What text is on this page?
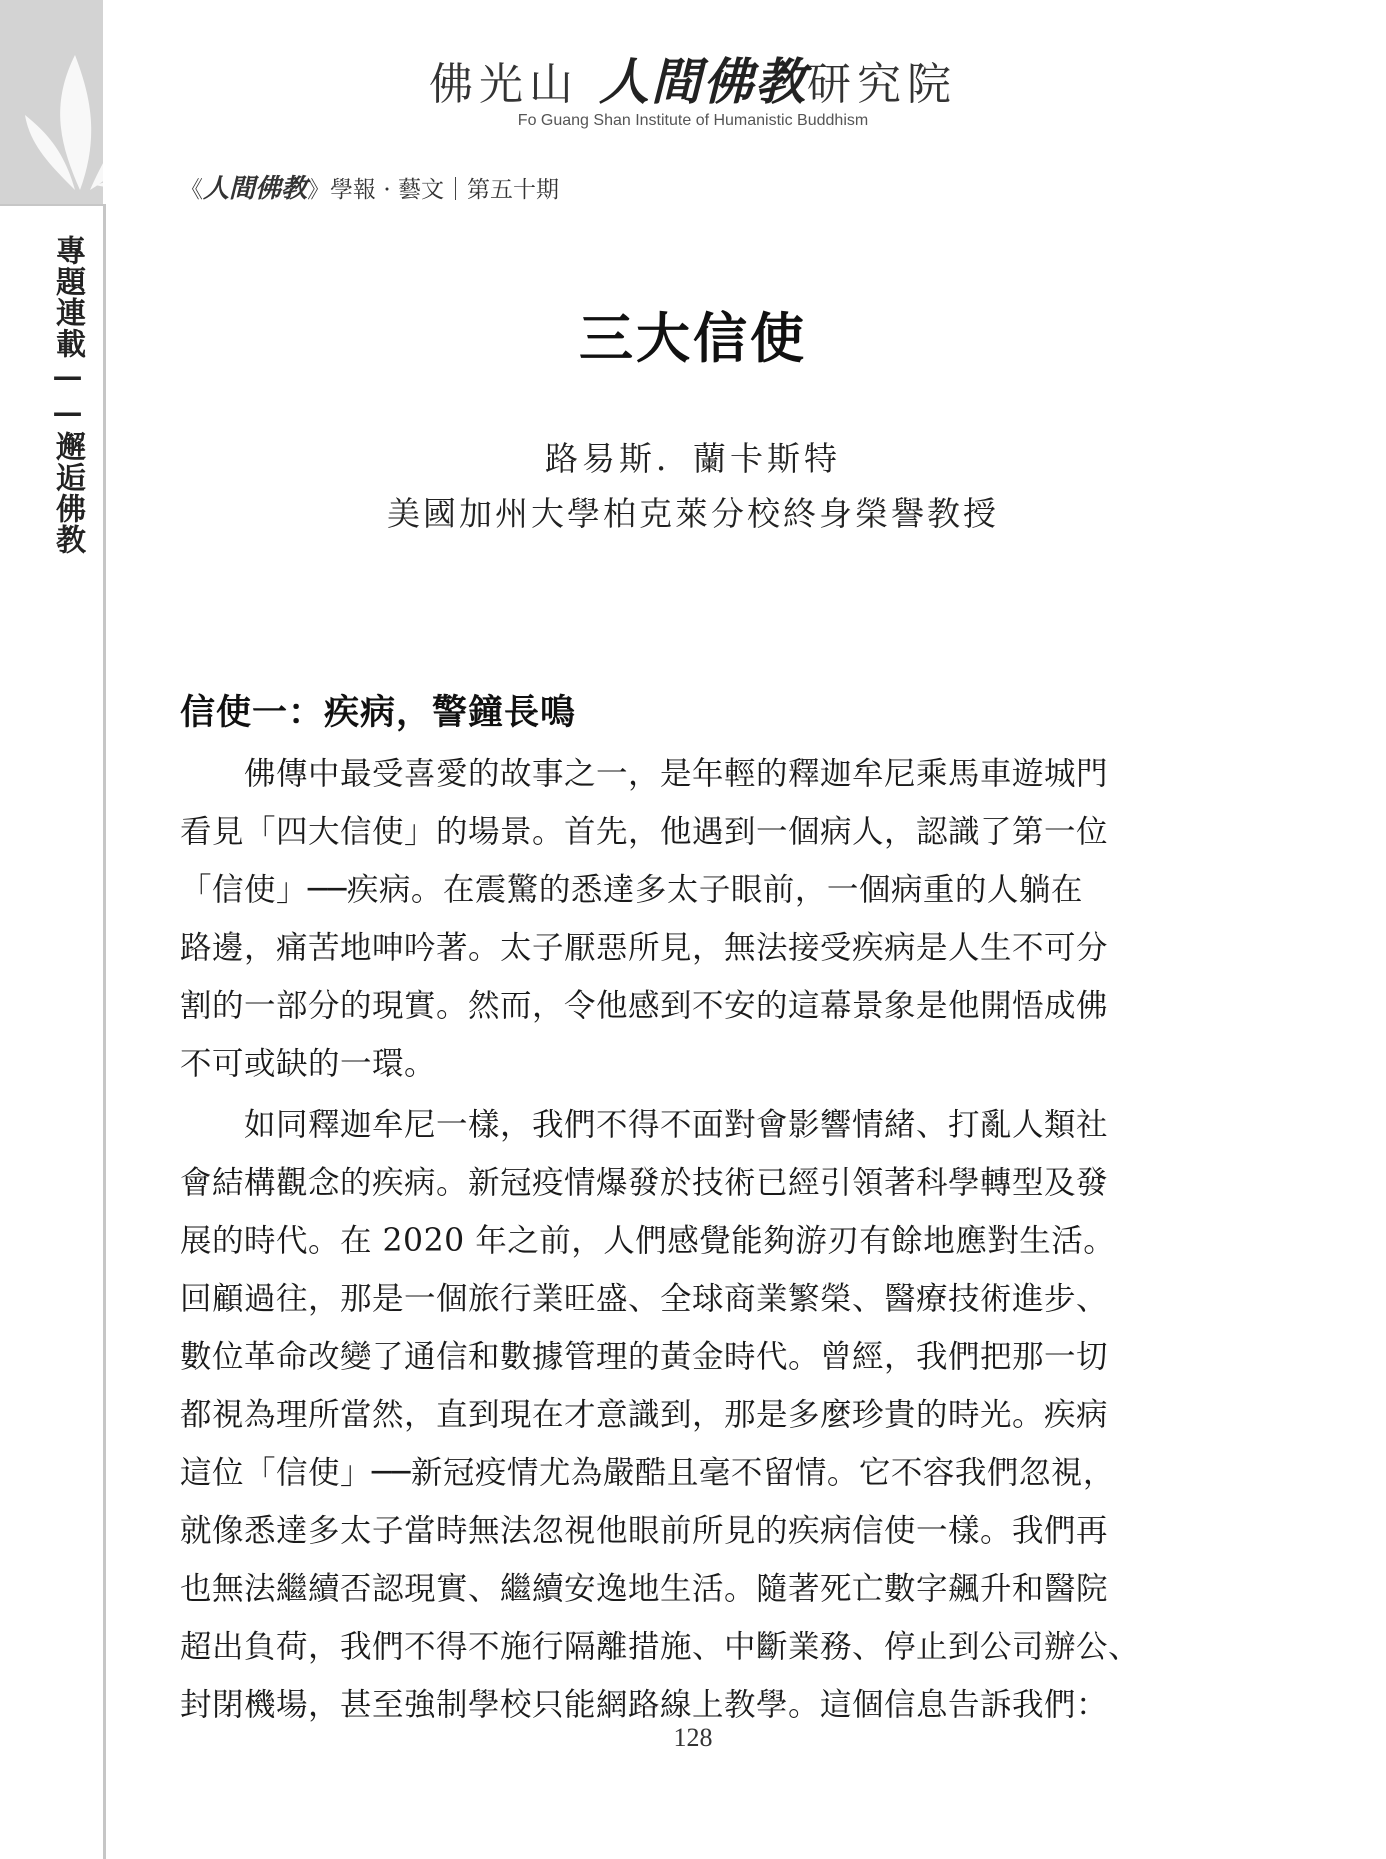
專題連載——邂逅佛教
佛光山 人間佛教研究院
Fo Guang Shan Institute of Humanistic Buddhism
《人間佛教》學報 · 藝文｜第五十期
三大信使
路易斯．蘭卡斯特
美國加州大學柏克萊分校終身榮譽教授
信使一：疾病，警鐘長鳴
　　佛傳中最受喜愛的故事之一，是年輕的釋迦牟尼乘馬車遊城門
看見「四大信使」的場景。首先，他遇到一個病人，認識了第一位
「信使」──疾病。在震驚的悉達多太子眼前，一個病重的人躺在
路邊，痛苦地呻吟著。太子厭惡所見，無法接受疾病是人生不可分
割的一部分的現實。然而，令他感到不安的這幕景象是他開悟成佛
不可或缺的一環。
　　如同釋迦牟尼一樣，我們不得不面對會影響情緒、打亂人類社
會結構觀念的疾病。新冠疫情爆發於技術已經引領著科學轉型及發
展的時代。在 2020 年之前，人們感覺能夠游刃有餘地應對生活。
回顧過往，那是一個旅行業旺盛、全球商業繁榮、醫療技術進步、
數位革命改變了通信和數據管理的黃金時代。曾經，我們把那一切
都視為理所當然，直到現在才意識到，那是多麼珍貴的時光。疾病
這位「信使」──新冠疫情尤為嚴酷且毫不留情。它不容我們忽視，
就像悉達多太子當時無法忽視他眼前所見的疾病信使一樣。我們再
也無法繼續否認現實、繼續安逸地生活。隨著死亡數字飆升和醫院
超出負荷，我們不得不施行隔離措施、中斷業務、停止到公司辦公、
封閉機場，甚至強制學校只能網路線上教學。這個信息告訴我們：
128
